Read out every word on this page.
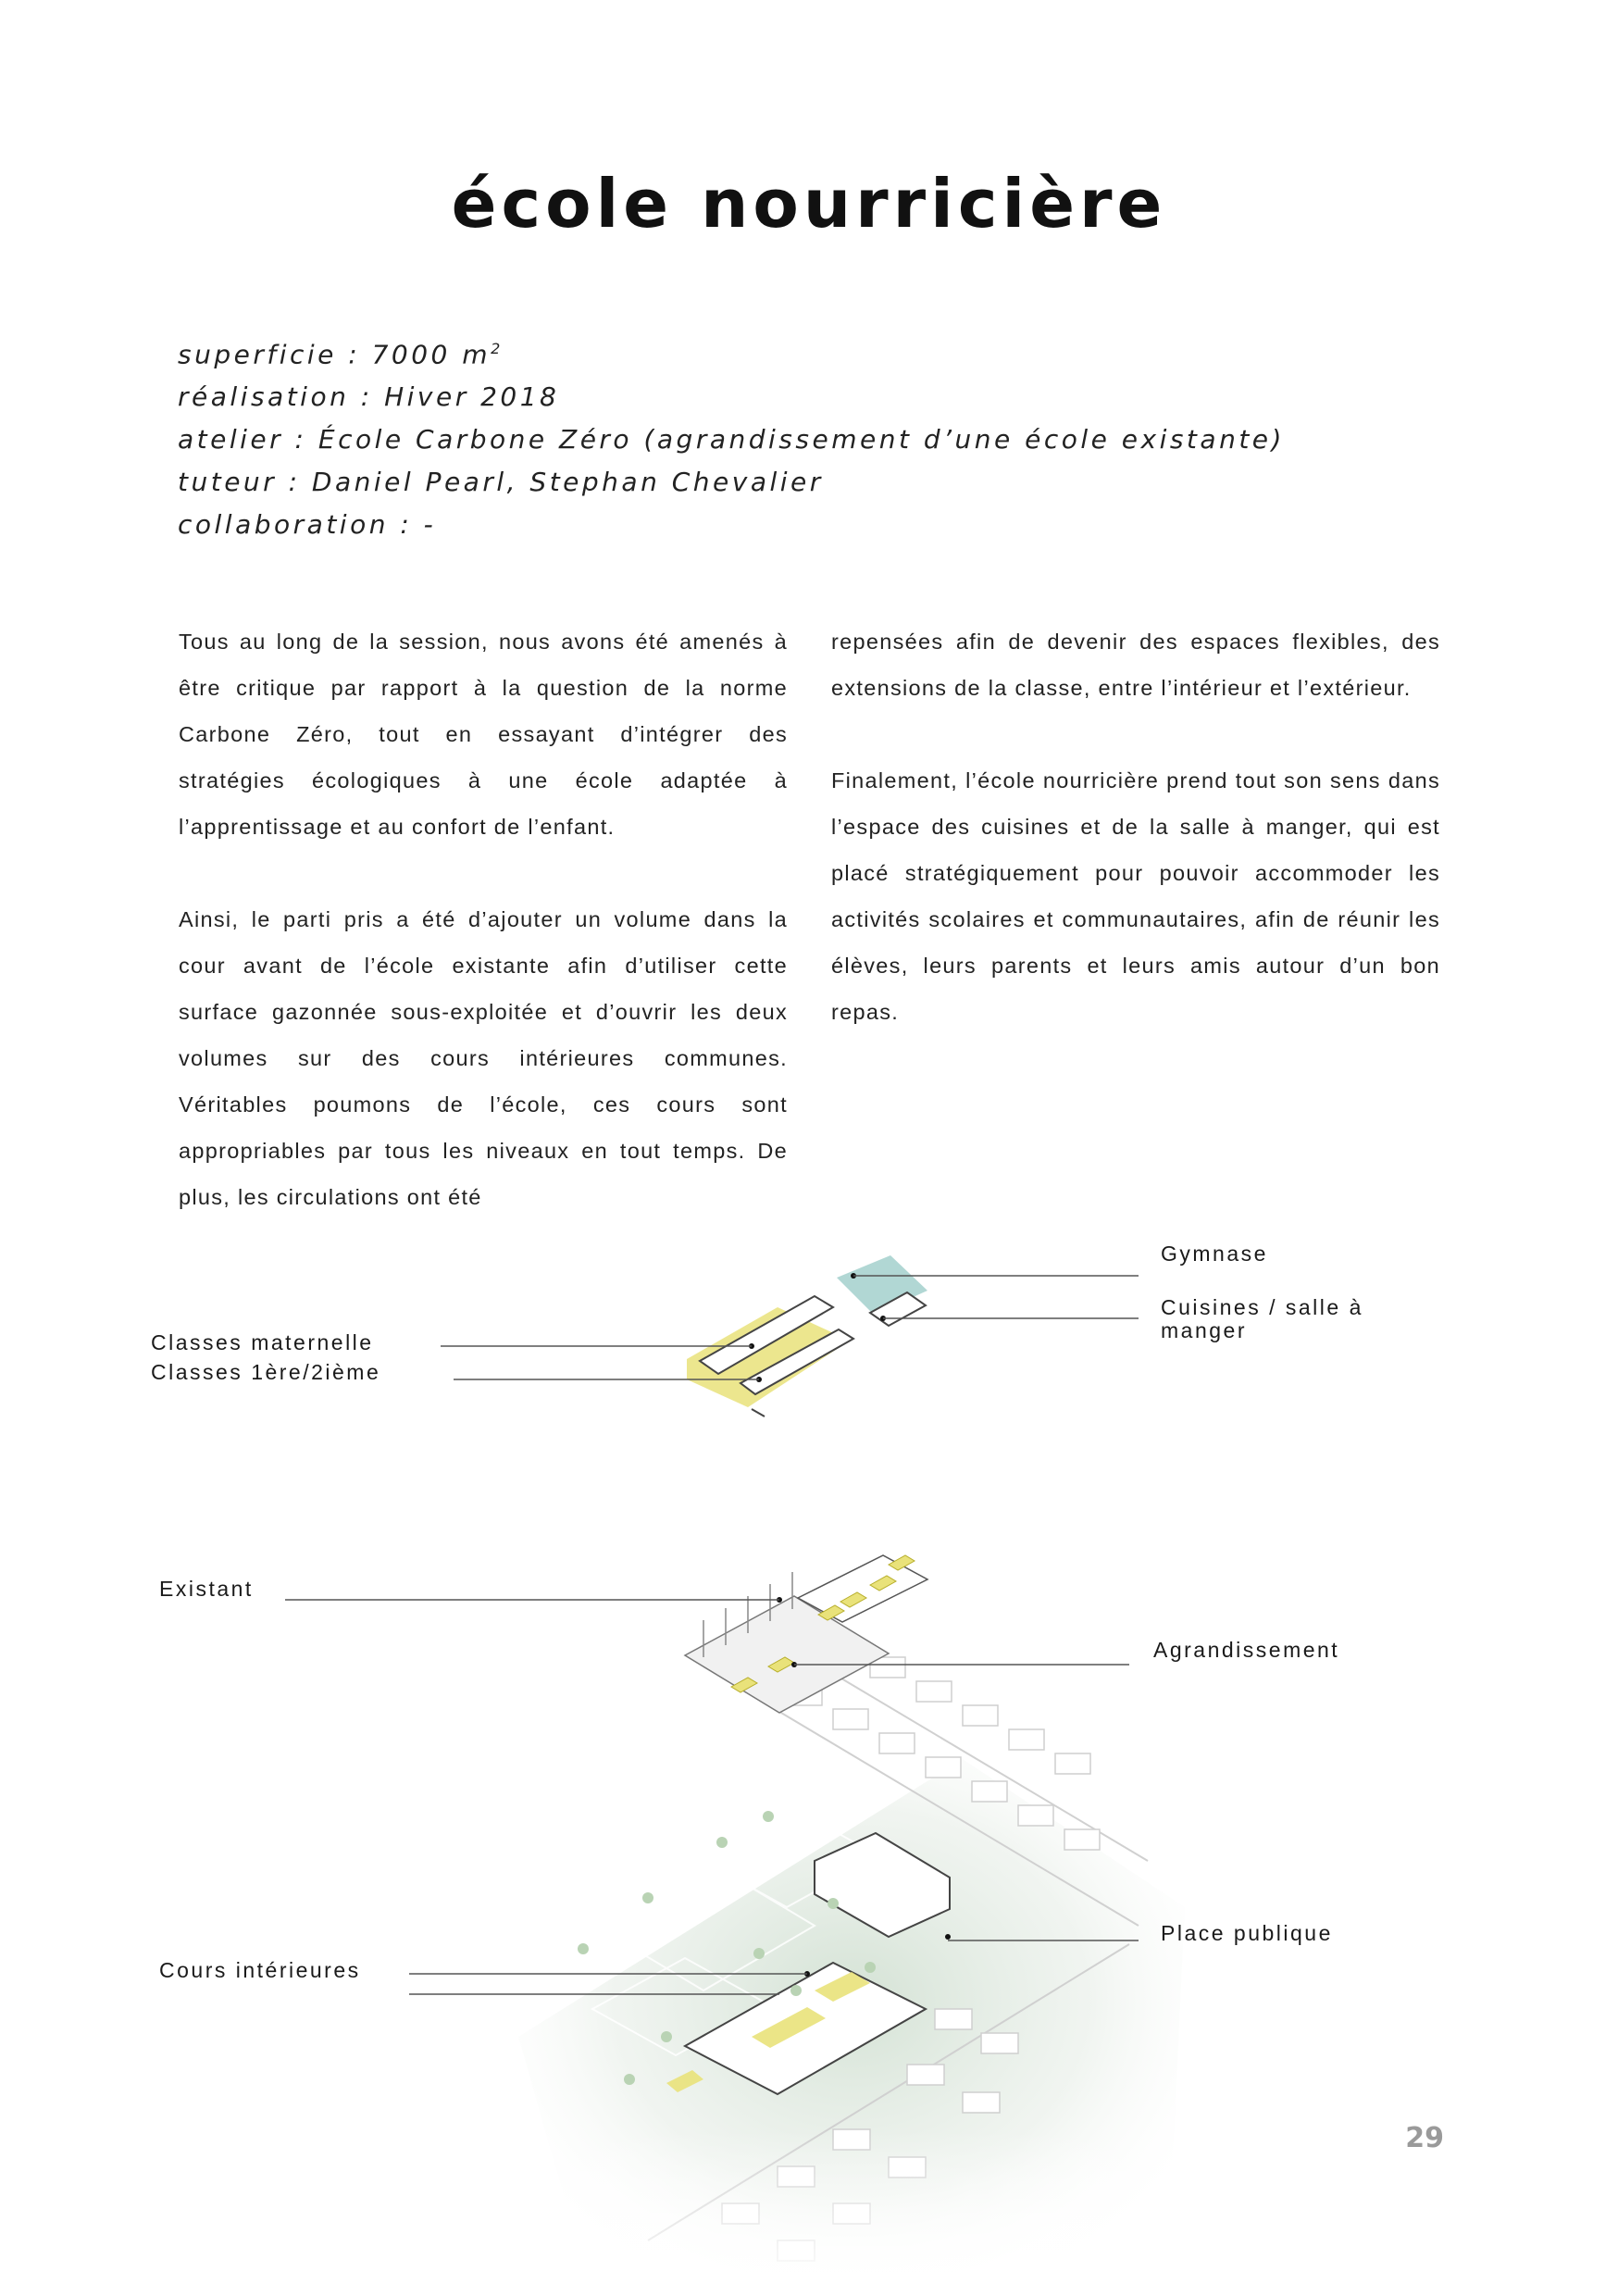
école nourricière
superficie : 7000 $m^2$
réalisation : Hiver 2018
atelier : École Carbone Zéro (agrandissement d’une école existante)
tuteur : Daniel Pearl, Stephan Chevalier
collaboration : -

Tous au long de la session, nous avons été amenés à être critique par rapport à la question de la norme Carbone Zéro, tout en essayant d’intégrer des stratégies écologiques à une école adaptée à l’apprentissage et au confort de l’enfant.

Ainsi, le parti pris a été d’ajouter un volume dans la cour avant de l’école existante afin d’utiliser cette surface gazonnée sous-exploitée et d’ouvrir les deux volumes sur des cours intérieures communes. Véritables poumons de l’école, ces cours sont appropriables par tous les niveaux en tout temps. De plus, les circulations ont été

repensées afin de devenir des espaces flexibles, des extensions de la classe, entre l’intérieur et l’extérieur.

Finalement, l’école nourricière prend tout son sens dans l’espace des cuisines et de la salle à manger, qui est placé stratégiquement pour pouvoir accommoder les activités scolaires et communautaires, afin de réunir les élèves, leurs parents et leurs amis autour d’un bon repas.

Gymnase
Cuisines / salle à manger
Classes maternelle
Classes 1ère/2ième
Existant
Agrandissement
Place publique
Cours intérieures
29
